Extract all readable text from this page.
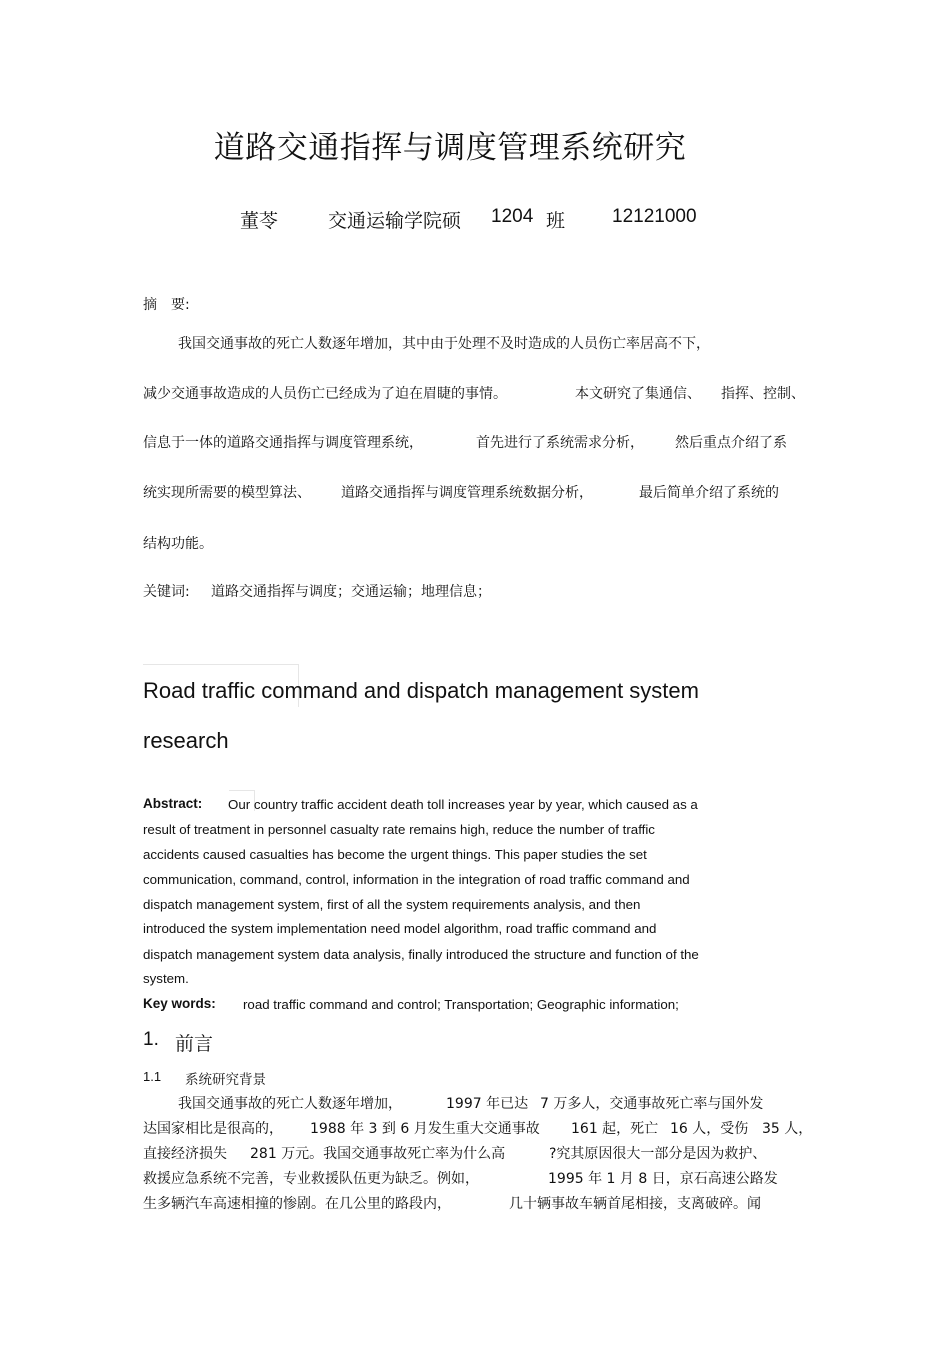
道路交通指挥与调度管理系统研究
董苓	交通运输学院硕 1204 班 12121000
摘　要:
我国交通事故的死亡人数逐年增加，其中由于处理不及时造成的人员伤亡率居高不下，
减少交通事故造成的人员伤亡已经成为了迫在眉睫的事情。	本文研究了集通信、 指挥、控制、
信息于一体的道路交通指挥与调度管理系统，	首先进行了系统需求分析， 然后重点介绍了系
统实现所需要的模型算法、 道路交通指挥与调度管理系统数据分析，	最后简单介绍了系统的
结构功能。
关键词: 道路交通指挥与调度；交通运输；地理信息；
Road traffic command and dispatch management system
research
Abstract: Our country traffic accident death toll increases year by year, which caused as a
result of treatment in personnel casualty rate remains high, reduce the number of traffic
accidents caused casualties has become the urgent things. This paper studies the set
communication, command, control, information in the integration of road traffic command and
dispatch management system, first of all the system requirements analysis, and then
introduced the system implementation need model algorithm, road traffic command and
dispatch management system data analysis, finally introduced the structure and function of the
system.
Key words: road traffic command and control; Transportation; Geographic information;
1. 前言
1.1 系统研究背景
我国交通事故的死亡人数逐年增加，	1997 年已达 7 万多人，交通事故死亡率与国外发
达国家相比是很高的， 1988 年 3 到 6 月发生重大交通事故 161 起，死亡 16 人，受伤 35 人，
直接经济损失 281 万元。我国交通事故死亡率为什么高	?究其原因很大一部分是因为救护、
救援应急系统不完善，专业救援队伍更为缺乏。例如，	1995 年 1 月 8 日，京石高速公路发
生多辆汽车高速相撞的惨剧。在几公里的路段内，	几十辆事故车辆首尾相接，支离破碎。闻
